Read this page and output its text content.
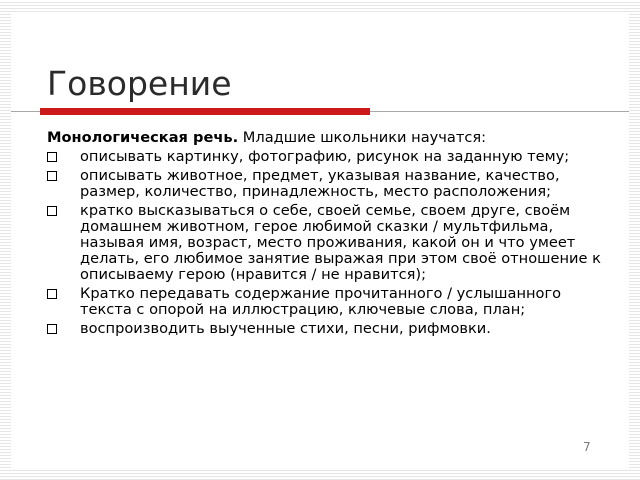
Говорение

Монологическая речь. Младшие школьники научатся:

описывать картинку, фотографию, рисунок на заданную тему;
описывать животное, предмет, указывая название, качество, размер, количество, принадлежность, место расположения;
кратко высказываться о себе, своей семье, своем друге, своём домашнем животном, герое любимой сказки / мультфильма, называя имя, возраст, место проживания, какой он и что умеет делать, его любимое занятие выражая при этом своё отношение к описываему герою (нравится / не нравится);
Кратко передавать содержание прочитанного / услышанного текста с опорой на иллюстрацию, ключевые слова, план;
воспроизводить выученные стихи, песни, рифмовки.
7
